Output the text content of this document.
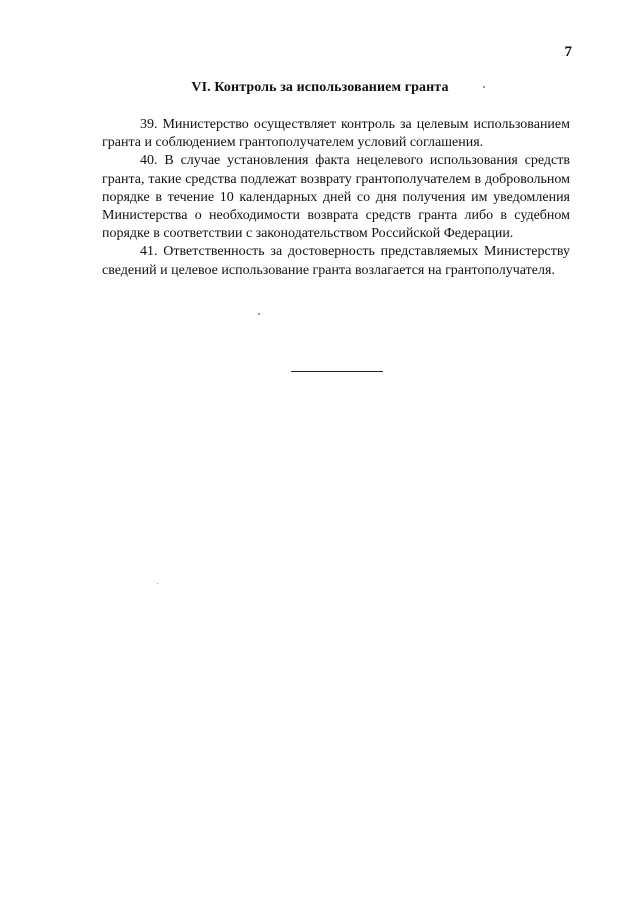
7
VI. Контроль за использованием гранта

39. Министерство осуществляет контроль за целевым использованием гранта и соблюдением грантополучателем условий соглашения.

40. В случае установления факта нецелевого использования средств гранта, такие средства подлежат возврату грантополучателем в добровольном порядке в течение 10 календарных дней со дня получения им уведомления Министерства о необходимости возврата средств гранта либо в судебном порядке в соответствии с законодательством Российской Федерации.

41. Ответственность за достоверность представляемых Министерству сведений и целевое использование гранта возлагается на грантополучателя.
